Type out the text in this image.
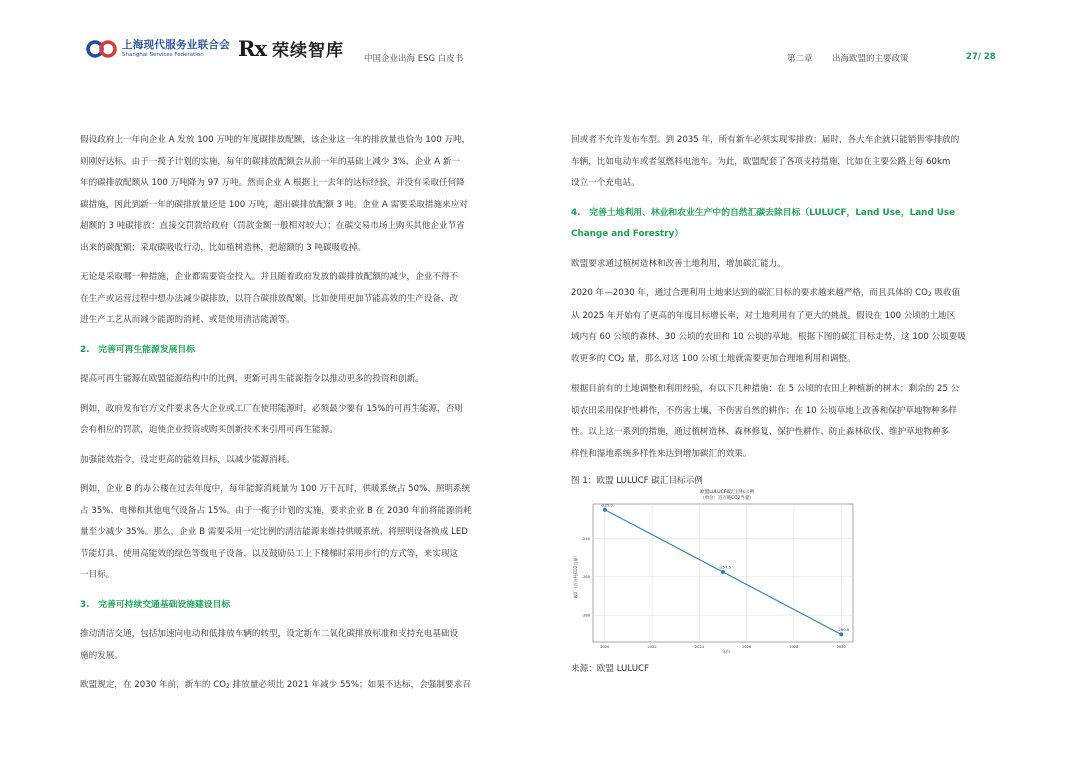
上海现代服务业联合会
Shanghai Services Federation	Rx 荣续智库 中国企业出海 ESG 白皮书	第二章 出海欧盟的主要政策	27/ 28

假设政府上一年向企业 A 发放 100 万吨的年度碳排放配额，该企业这一年的排放量也恰为 100 万吨，

则刚好达标。由于一揽子计划的实施，每年的碳排放配额会从前一年的基础上减少 3%，企业 A 新一

年的碳排放配额从 100 万吨降为 97 万吨。然而企业 A 根据上一去年的达标经验，并没有采取任何降

碳措施，因此到新一年的碳排放量还是 100 万吨，超出碳排放配额 3 吨。企业 A 需要采取措施来应对

超额的 3 吨碳排放：直接交罚款给政府（罚款金额一般相对较大）；在碳交易市场上购买其他企业节省

出来的碳配额；采取碳吸收行动，比如植树造林，把超额的 3 吨碳吸收掉。

无论是采取哪一种措施，企业都需要资金投入。并且随着政府发放的碳排放配额的减少，企业不得不

在生产或运营过程中想办法减少碳排放，以符合碳排放配额，比如使用更加节能高效的生产设备、改

进生产工艺从而减少能源的消耗、或是使用清洁能源等。

2.　完善可再生能源发展目标

提高可再生能源在欧盟能源结构中的比例，更新可再生能源指令以推动更多的投资和创新。

例如，政府发布官方文件要求各大企业或工厂在使用能源时，必须最少要有 15%的可再生能源，否则

会有相应的罚款，迫使企业投资或购买创新技术来引用可再生能源。

加强能效指令，设定更高的能效目标，以减少能源消耗。

例如，企业 B 的办公楼在过去年度中，每年能源消耗量为 100 万千瓦时，供暖系统占 50%、照明系统

占 35%、电梯和其他电气设备占 15%。由于一揽子计划的实施，要求企业 B 在 2030 年前将能源消耗

量至少减少 35%。那么，企业 B 需要采用一定比例的清洁能源来维持供暖系统、将照明设备换成 LED

节能灯具、使用高能效的绿色等级电子设备、以及鼓励员工上下楼梯时采用步行的方式等，来实现这

一目标。

3.　完善可持续交通基础设施建设目标

推动清洁交通，包括加速向电动和低排放车辆的转型，设定新车二氧化碳排放标准和支持充电基础设

施的发展。

欧盟规定，在 2030 年前，新车的 $CO_2$ 排放量必须比 2021 年减少 55%；如果不达标，会强制要求召

回或者不允许发布车型。到 2035 年，所有新车必须实现零排放；届时，各大车企就只能销售零排放的

车辆，比如电动车或者氢燃料电池车。为此，欧盟配套了各项支持措施，比如在主要公路上每 60km

设立一个充电站。

4.　完善土地利用、林业和农业生产中的自然汇碳去除目标（LULUCF，Land Use，Land Use

Change and Forestry）

欧盟要求通过植树造林和改善土地利用，增加碳汇能力。

2020 年—2030 年，通过合理利用土地来达到的碳汇目标的要求越来越严格，而且具体的 $CO_2$ 吸收值

从 2025 年开始有了更高的年度目标增长率，对土地利用有了更大的挑战。假设在 100 公顷的土地区

域内有 60 公顷的森林、30 公顷的农田和 10 公顷的草地。根据下图的碳汇目标走势，这 100 公顷要吸

收更多的 $CO_2$ 量，那么对这 100 公顷土地就需要更加合理地利用和调整。

根据目前有的土地调整和利用经验，有以下几种措施：在 5 公顷的农田上种植新的树木；剩余的 25 公

顷农田采用保护性耕作，不伤害土壤、不伤害自然的耕作；在 10 公顷草地上改善和保护草地物种多样

性。以上这一系列的措施，通过植树造林、森林修复、保护性耕作、防止森林砍伐、维护草地物种多

样性和湿地系统多样性来达到增加碳汇的效果。

图 1：欧盟 LULUCF 碳汇目标示例
欧盟LULUCF碳汇目标示例
（单位：百万吨CO2当量）
碳汇（百万吨CO2当量）
年份
2020	2022	2024	2026	2028	2030
-240
-260
-280
-225.0
-257.5
-290.0
来源：欧盟 LULUCF
